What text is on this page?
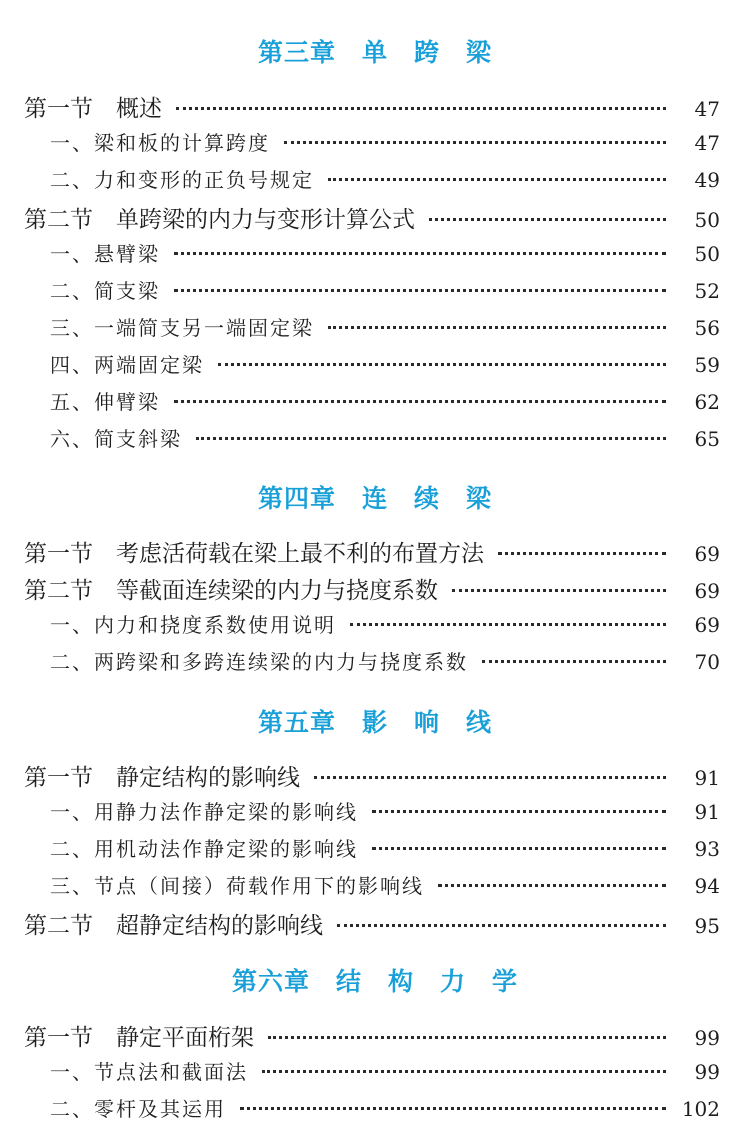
第三章　单　跨　梁
第一节　概述	47
一、梁和板的计算跨度	47
二、力和变形的正负号规定	49
第二节　单跨梁的内力与变形计算公式	50
一、悬臂梁	50
二、简支梁	52
三、一端简支另一端固定梁	56
四、两端固定梁	59
五、伸臂梁	62
六、简支斜梁	65
第四章　连　续　梁
第一节　考虑活荷载在梁上最不利的布置方法	69
第二节　等截面连续梁的内力与挠度系数	69
一、内力和挠度系数使用说明	69
二、两跨梁和多跨连续梁的内力与挠度系数	70
第五章　影　响　线
第一节　静定结构的影响线	91
一、用静力法作静定梁的影响线	91
二、用机动法作静定梁的影响线	93
三、节点（间接）荷载作用下的影响线	94
第二节　超静定结构的影响线	95
第六章　结　构　力　学
第一节　静定平面桁架	99
一、节点法和截面法	99
二、零杆及其运用	102
